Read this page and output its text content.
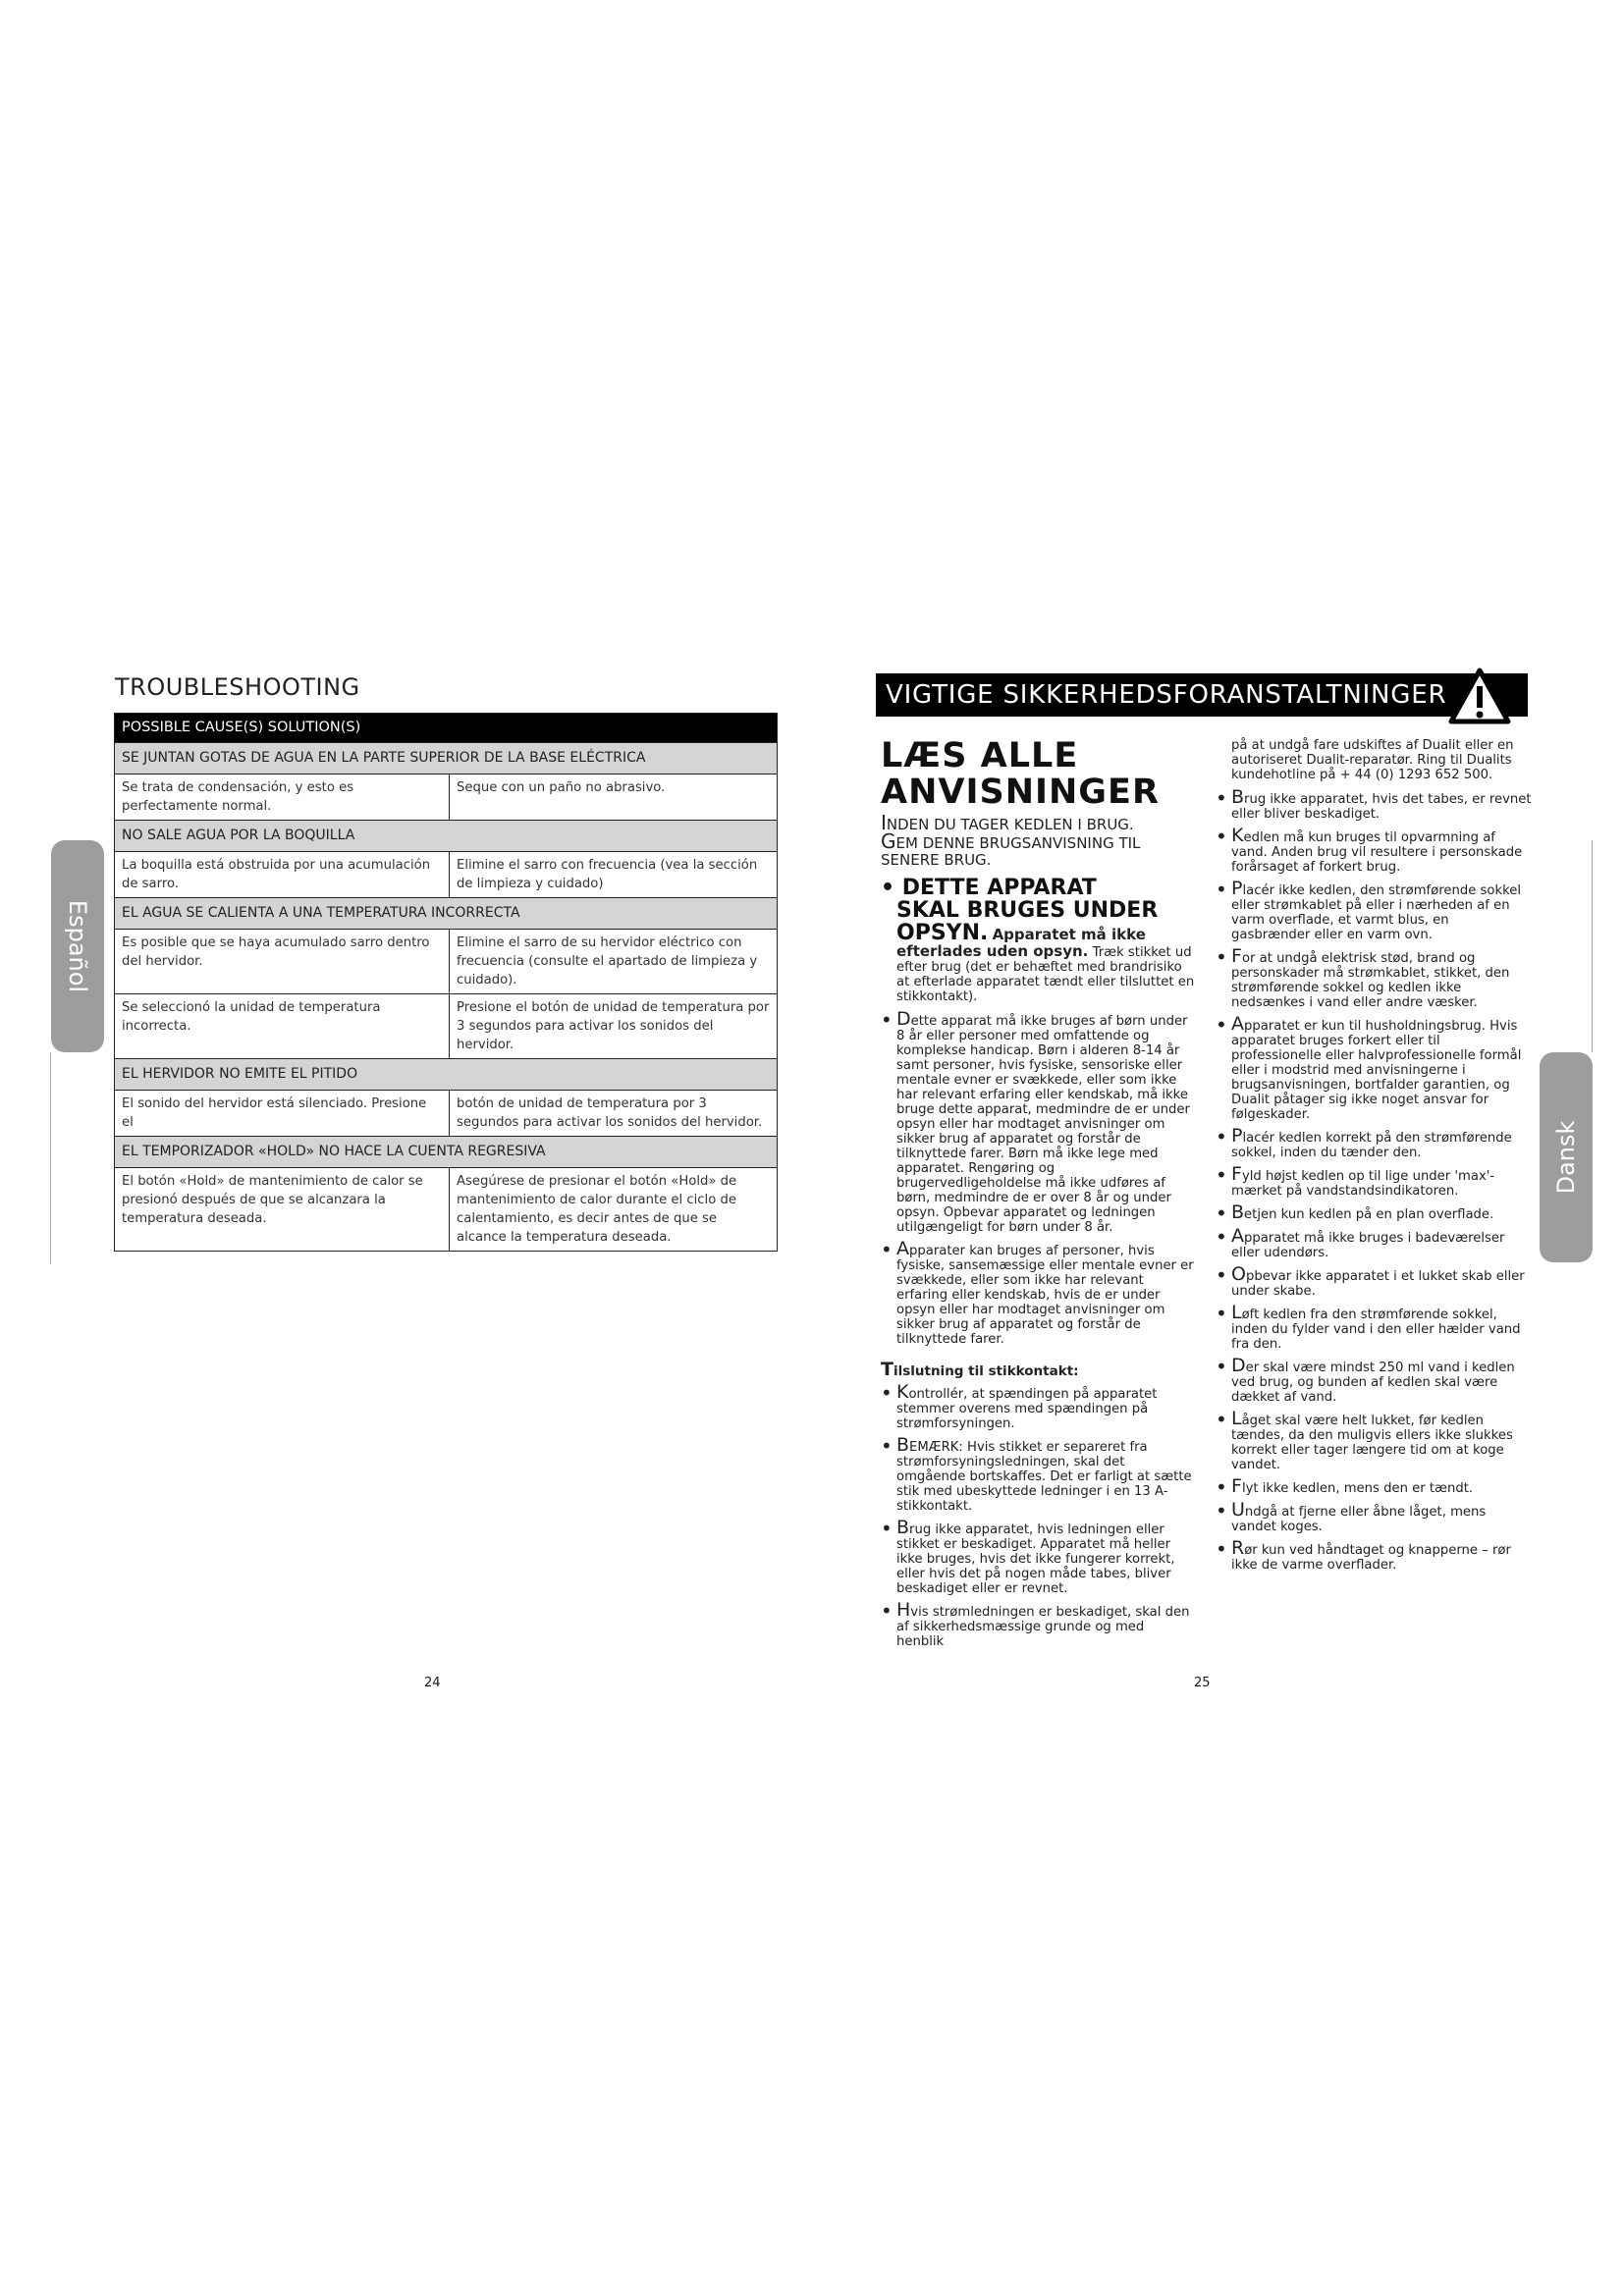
Español
Dansk
TROUBLESHOOTING
POSSIBLE CAUSE(S) SOLUTION(S)	
SE JUNTAN GOTAS DE AGUA EN LA PARTE SUPERIOR DE LA BASE ELÉCTRICA	
Se trata de condensación, y esto es perfectamente normal.	Seque con un paño no abrasivo.
NO SALE AGUA POR LA BOQUILLA	
La boquilla está obstruida por una acumulación de sarro.	Elimine el sarro con frecuencia (vea la sección de limpieza y cuidado)
EL AGUA SE CALIENTA A UNA TEMPERATURA INCORRECTA	
Es posible que se haya acumulado sarro dentro del hervidor.	Elimine el sarro de su hervidor eléctrico con frecuencia (consulte el apartado de limpieza y cuidado).
Se seleccionó la unidad de temperatura incorrecta.	Presione el botón de unidad de temperatura por 3 segundos para activar los sonidos del hervidor.
EL HERVIDOR NO EMITE EL PITIDO	
El sonido del hervidor está silenciado. Presione el	botón de unidad de temperatura por 3 segundos para activar los sonidos del hervidor.
EL TEMPORIZADOR «HOLD» NO HACE LA CUENTA REGRESIVA	
El botón «Hold» de mantenimiento de calor se presionó después de que se alcanzara la temperatura deseada.	Asegúrese de presionar el botón «Hold» de mantenimiento de calor durante el ciclo de calentamiento, es decir antes de que se alcance la temperatura deseada.
24	25
VIGTIGE SIKKERHEDSFORANSTALTNINGER
LÆS ALLE
ANVISNINGER

INDEN DU TAGER KEDLEN I BRUG.

GEM DENNE BRUGSANVISNING TIL SENERE BRUG.

• DETTE APPARAT
SKAL BRUGES UNDER
OPSYN. Apparatet må ikke efterlades uden opsyn. Træk stikket ud efter brug (det er behæftet med brandrisiko at efterlade apparatet tændt eller tilsluttet en stikkontakt).
• Dette apparat må ikke bruges af børn under 8 år eller personer med omfattende og komplekse handicap. Børn i alderen 8-14 år samt personer, hvis fysiske, sensoriske eller mentale evner er svækkede, eller som ikke har relevant erfaring eller kendskab, må ikke bruge dette apparat, medmindre de er under opsyn eller har modtaget anvisninger om sikker brug af apparatet og forstår de tilknyttede farer. Børn må ikke lege med apparatet. Rengøring og brugervedligeholdelse må ikke udføres af børn, medmindre de er over 8 år og under opsyn. Opbevar apparatet og ledningen utilgængeligt for børn under 8 år.
• Apparater kan bruges af personer, hvis fysiske, sansemæssige eller mentale evner er svækkede, eller som ikke har relevant erfaring eller kendskab, hvis de er under opsyn eller har modtaget anvisninger om sikker brug af apparatet og forstår de tilknyttede farer.
Tilslutning til stikkontakt:
• Kontrollér, at spændingen på apparatet stemmer overens med spændingen på strømforsyningen.
• BEMÆRK: Hvis stikket er separeret fra strømforsyningsledningen, skal det omgående bortskaffes. Det er farligt at sætte stik med ubeskyttede ledninger i en 13 A-stikkontakt.
• Brug ikke apparatet, hvis ledningen eller stikket er beskadiget. Apparatet må heller ikke bruges, hvis det ikke fungerer korrekt, eller hvis det på nogen måde tabes, bliver beskadiget eller er revnet.
• Hvis strømledningen er beskadiget, skal den af sikkerhedsmæssige grunde og med henblik
på at undgå fare udskiftes af Dualit eller en autoriseret Dualit-reparatør. Ring til Dualits kundehotline på + 44 (0) 1293 652 500.
• Brug ikke apparatet, hvis det tabes, er revnet eller bliver beskadiget.
• Kedlen må kun bruges til opvarmning af vand. Anden brug vil resultere i personskade forårsaget af forkert brug.
• Placér ikke kedlen, den strømførende sokkel eller strømkablet på eller i nærheden af en varm overflade, et varmt blus, en gasbrænder eller en varm ovn.
• For at undgå elektrisk stød, brand og personskader må strømkablet, stikket, den strømførende sokkel og kedlen ikke nedsænkes i vand eller andre væsker.
• Apparatet er kun til husholdningsbrug. Hvis apparatet bruges forkert eller til professionelle eller halvprofessionelle formål eller i modstrid med anvisningerne i brugsanvisningen, bortfalder garantien, og Dualit påtager sig ikke noget ansvar for følgeskader.
• Placér kedlen korrekt på den strømførende sokkel, inden du tænder den.
• Fyld højst kedlen op til lige under 'max'-mærket på vandstandsindikatoren.
• Betjen kun kedlen på en plan overflade.
• Apparatet må ikke bruges i badeværelser eller udendørs.
• Opbevar ikke apparatet i et lukket skab eller under skabe.
• Løft kedlen fra den strømførende sokkel, inden du fylder vand i den eller hælder vand fra den.
• Der skal være mindst 250 ml vand i kedlen ved brug, og bunden af kedlen skal være dækket af vand.
• Låget skal være helt lukket, før kedlen tændes, da den muligvis ellers ikke slukkes korrekt eller tager længere tid om at koge vandet.
• Flyt ikke kedlen, mens den er tændt.
• Undgå at fjerne eller åbne låget, mens vandet koges.
• Rør kun ved håndtaget og knapperne – rør ikke de varme overflader.
